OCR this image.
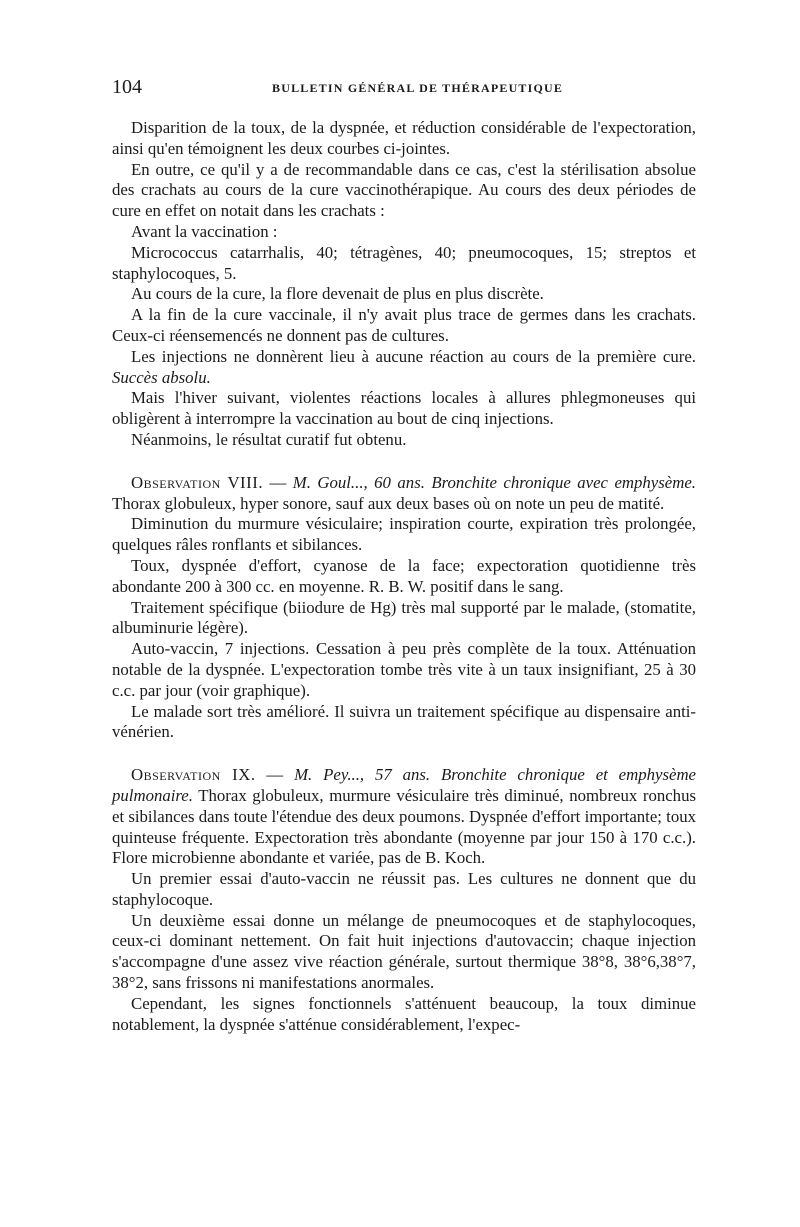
104	BULLETIN GÉNÉRAL DE THÉRAPEUTIQUE

Disparition de la toux, de la dyspnée, et réduction considérable de l'expectoration, ainsi qu'en témoignent les deux courbes ci-jointes.

En outre, ce qu'il y a de recommandable dans ce cas, c'est la stérilisation absolue des crachats au cours de la cure vaccinothérapique. Au cours des deux périodes de cure en effet on notait dans les crachats :

Avant la vaccination :

Micrococcus catarrhalis, 40; tétragènes, 40; pneumocoques, 15; streptos et staphylocoques, 5.

Au cours de la cure, la flore devenait de plus en plus discrète.

A la fin de la cure vaccinale, il n'y avait plus trace de germes dans les crachats. Ceux-ci réensemencés ne donnent pas de cultures.

Les injections ne donnèrent lieu à aucune réaction au cours de la première cure. Succès absolu.

Mais l'hiver suivant, violentes réactions locales à allures phlegmoneuses qui obligèrent à interrompre la vaccination au bout de cinq injections.

Néanmoins, le résultat curatif fut obtenu.

Observation VIII. — M. Goul..., 60 ans. Bronchite chronique avec emphysème. Thorax globuleux, hyper sonore, sauf aux deux bases où on note un peu de matité.

Diminution du murmure vésiculaire; inspiration courte, expiration très prolongée, quelques râles ronflants et sibilances.

Toux, dyspnée d'effort, cyanose de la face; expectoration quotidienne très abondante 200 à 300 cc. en moyenne. R. B. W. positif dans le sang.

Traitement spécifique (biiodure de Hg) très mal supporté par le malade, (stomatite, albuminurie légère).

Auto-vaccin, 7 injections. Cessation à peu près complète de la toux. Atténuation notable de la dyspnée. L'expectoration tombe très vite à un taux insignifiant, 25 à 30 c.c. par jour (voir graphique).

Le malade sort très amélioré. Il suivra un traitement spécifique au dispensaire anti-vénérien.

Observation IX. — M. Pey..., 57 ans. Bronchite chronique et emphysème pulmonaire. Thorax globuleux, murmure vésiculaire très diminué, nombreux ronchus et sibilances dans toute l'étendue des deux poumons. Dyspnée d'effort importante; toux quinteuse fréquente. Expectoration très abondante (moyenne par jour 150 à 170 c.c.). Flore microbienne abondante et variée, pas de B. Koch.

Un premier essai d'auto-vaccin ne réussit pas. Les cultures ne donnent que du staphylocoque.

Un deuxième essai donne un mélange de pneumocoques et de staphylocoques, ceux-ci dominant nettement. On fait huit injections d'autovaccin; chaque injection s'accompagne d'une assez vive réaction générale, surtout thermique 38°8, 38°6,38°7, 38°2, sans frissons ni manifestations anormales.

Cependant, les signes fonctionnels s'atténuent beaucoup, la toux diminue notablement, la dyspnée s'atténue considérablement, l'expec-
